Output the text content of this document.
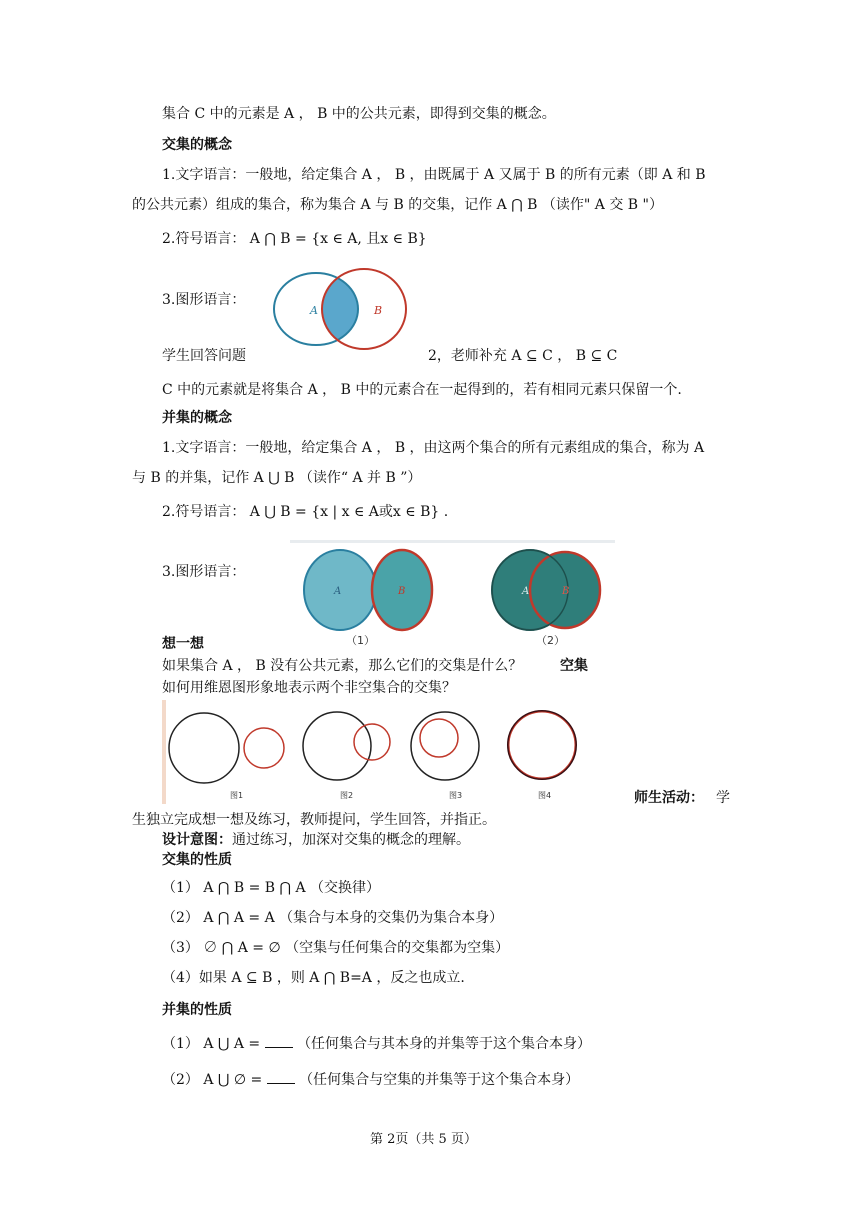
集合 C 中的元素是 A ， B 中的公共元素，即得到交集的概念。
交集的概念
1.文字语言：一般地，给定集合 A ， B ，由既属于 A 又属于 B 的所有元素（即 A 和 B
的公共元素）组成的集合，称为集合 A 与 B 的交集，记作 A ⋂ B （读作" A 交 B "）
2.符号语言： A ⋂ B = {x ∈ A, 且x ∈ B}
3.图形语言：
A	B
学生回答问题	2，老师补充 A ⊆ C ， B ⊆ C
C 中的元素就是将集合 A ， B 中的元素合在一起得到的，若有相同元素只保留一个.
并集的概念
1.文字语言：一般地，给定集合 A ， B ，由这两个集合的所有元素组成的集合，称为 A
与 B 的并集，记作 A ⋃ B （读作“ A 并 B ”）
2.符号语言： A ⋃ B = {x | x ∈ A或x ∈ B} .
3.图形语言：
A	B
（1）
A	B
（2）
想一想
如果集合 A ， B 没有公共元素，那么它们的交集是什么？	空集
如何用维恩图形象地表示两个非空集合的交集？
图1	图2	图3	图4	师生活动： 学
生独立完成想一想及练习，教师提问，学生回答，并指正。
设计意图：通过练习，加深对交集的概念的理解。
交集的性质
（1） A ⋂ B = B ⋂ A （交换律）
（2） A ⋂ A = A （集合与本身的交集仍为集合本身）
（3） ∅ ⋂ A = ∅ （空集与任何集合的交集都为空集）
（4）如果 A ⊆ B ，则 A ⋂ B=A ，反之也成立.
并集的性质
（1） A ⋃ A =	（任何集合与其本身的并集等于这个集合本身）
（2） A ⋃ ∅ =	（任何集合与空集的并集等于这个集合本身）
第 2页（共 5 页）
